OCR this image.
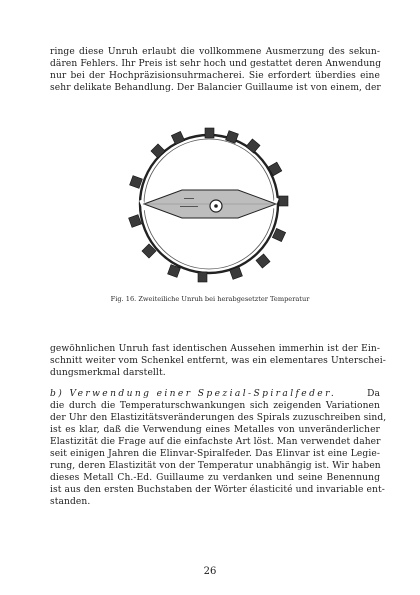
ringe diese Unruh erlaubt die vollkommene Ausmerzung des sekun-
dären Fehlers. Ihr Preis ist sehr hoch und gestattet deren Anwendung
nur bei der Hochpräzisionsuhrmacherei. Sie erfordert überdies eine
sehr delikate Behandlung. Der Balancier Guillaume ist von einem, der
Fig. 16. Zweiteiliche Unruh bei herabgesetzter Temperatur
gewöhnlichen Unruh fast identischen Aussehen immerhin ist der Ein-
schnitt weiter vom Schenkel entfernt, was ein elementares Unterschei-
dungsmerkmal darstellt.
b) Verwendung einer Spezial-Spiralfeder.	Da
die durch die Temperaturschwankungen sich zeigenden Variationen
der Uhr den Elastizitätsveränderungen des Spirals zuzuschreiben sind,
ist es klar, daß die Verwendung eines Metalles von unveränderlicher
Elastizität die Frage auf die einfachste Art löst. Man verwendet daher
seit einigen Jahren die Elinvar-Spiralfeder. Das Elinvar ist eine Legie-
rung, deren Elastizität von der Temperatur unabhängig ist. Wir haben
dieses Metall Ch.-Ed. Guillaume zu verdanken und seine Benennung
ist aus den ersten Buchstaben der Wörter élasticité und invariable ent-
standen.
26
